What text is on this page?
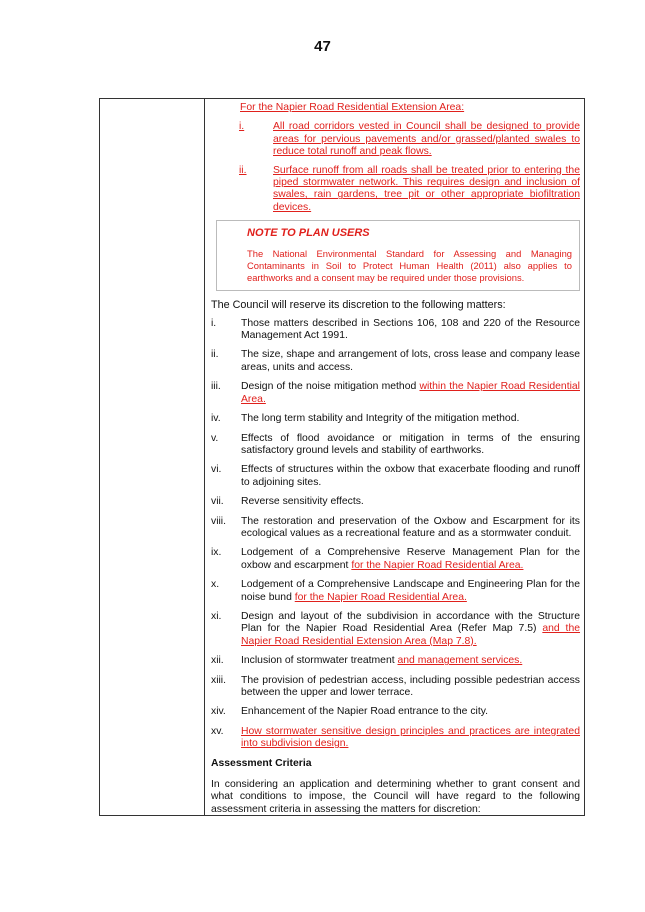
47
For the Napier Road Residential Extension Area:
i.	All road corridors vested in Council shall be designed to provide areas for pervious pavements and/or grassed/planted swales to reduce total runoff and peak flows.
ii.	Surface runoff from all roads shall be treated prior to entering the piped stormwater network. This requires design and inclusion of swales, rain gardens, tree pit or other appropriate biofiltration devices.
NOTE TO PLAN USERS
The National Environmental Standard for Assessing and Managing Contaminants in Soil to Protect Human Health (2011) also applies to earthworks and a consent may be required under those provisions.
The Council will reserve its discretion to the following matters:
i.	Those matters described in Sections 106, 108 and 220 of the Resource Management Act 1991.
ii.	The size, shape and arrangement of lots, cross lease and company lease areas, units and access.
iii.	Design of the noise mitigation method within the Napier Road Residential Area.
iv.	The long term stability and Integrity of the mitigation method.
v.	Effects of flood avoidance or mitigation in terms of the ensuring satisfactory ground levels and stability of earthworks.
vi.	Effects of structures within the oxbow that exacerbate flooding and runoff to adjoining sites.
vii.	Reverse sensitivity effects.
viii.	The restoration and preservation of the Oxbow and Escarpment for its ecological values as a recreational feature and as a stormwater conduit.
ix.	Lodgement of a Comprehensive Reserve Management Plan for the oxbow and escarpment for the Napier Road Residential Area.
x.	Lodgement of a Comprehensive Landscape and Engineering Plan for the noise bund for the Napier Road Residential Area.
xi.	Design and layout of the subdivision in accordance with the Structure Plan for the Napier Road Residential Area (Refer Map 7.5) and the Napier Road Residential Extension Area (Map 7.8).
xii.	Inclusion of stormwater treatment and management services.
xiii.	The provision of pedestrian access, including possible pedestrian access between the upper and lower terrace.
xiv.	Enhancement of the Napier Road entrance to the city.
xv.	How stormwater sensitive design principles and practices are integrated into subdivision design.
Assessment Criteria
In considering an application and determining whether to grant consent and what conditions to impose, the Council will have regard to the following assessment criteria in assessing the matters for discretion:
